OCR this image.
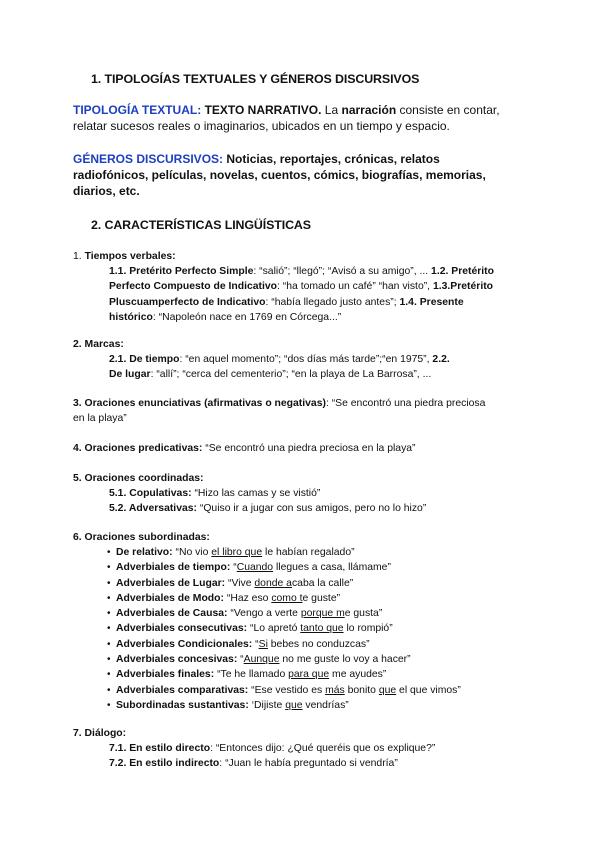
1. TIPOLOGÍAS TEXTUALES Y GÉNEROS DISCURSIVOS
TIPOLOGÍA TEXTUAL: TEXTO NARRATIVO. La narración consiste en contar,
relatar sucesos reales o imaginarios, ubicados en un tiempo y espacio.
GÉNEROS DISCURSIVOS: Noticias, reportajes, crónicas, relatos
radiofónicos, películas, novelas, cuentos, cómics, biografías, memorias,
diarios, etc.
2. CARACTERÍSTICAS LINGÜÍSTICAS
1. Tiempos verbales:
1.1. Pretérito Perfecto Simple: “salió”; “llegó”; “Avisó a su amigo”, ... 1.2. Pretérito
Perfecto Compuesto de Indicativo: “ha tomado un café” “han visto”, 1.3.Pretérito
Pluscuamperfecto de Indicativo: “había llegado justo antes”; 1.4. Presente
histórico: “Napoleón nace en 1769 en Córcega...”
2. Marcas:
2.1. De tiempo: “en aquel momento”; “dos días más tarde”;“en 1975”, 2.2.
De lugar: “allí”; “cerca del cementerio”; “en la playa de La Barrosa”, ...
3. Oraciones enunciativas (afirmativas o negativas): “Se encontró una piedra preciosa
en la playa”
4. Oraciones predicativas: “Se encontró una piedra preciosa en la playa”
5. Oraciones coordinadas:
5.1. Copulativas: “Hizo las camas y se vistió”
5.2. Adversativas: “Quiso ir a jugar con sus amigos, pero no lo hizo”
6. Oraciones subordinadas:
• De relativo: “No vio el libro que le habían regalado”
• Adverbiales de tiempo: “Cuando llegues a casa, llámame”
• Adverbiales de Lugar: “Vive donde acaba la calle”
• Adverbiales de Modo: “Haz eso como te guste”
• Adverbiales de Causa: “Vengo a verte porque me gusta”
• Adverbiales consecutivas: “Lo apretó tanto que lo rompió”
• Adverbiales Condicionales: “Si bebes no conduzcas”
• Adverbiales concesivas: “Aunque no me guste lo voy a hacer”
• Adverbiales finales: “Te he llamado para que me ayudes”
• Adverbiales comparativas: “Ese vestido es más bonito que el que vimos”
• Subordinadas sustantivas: ‘Dijiste que vendrías”
7. Diálogo:
7.1. En estilo directo: “Entonces dijo: ¿Qué queréis que os explique?”
7.2. En estilo indirecto: “Juan le había preguntado si vendría”
